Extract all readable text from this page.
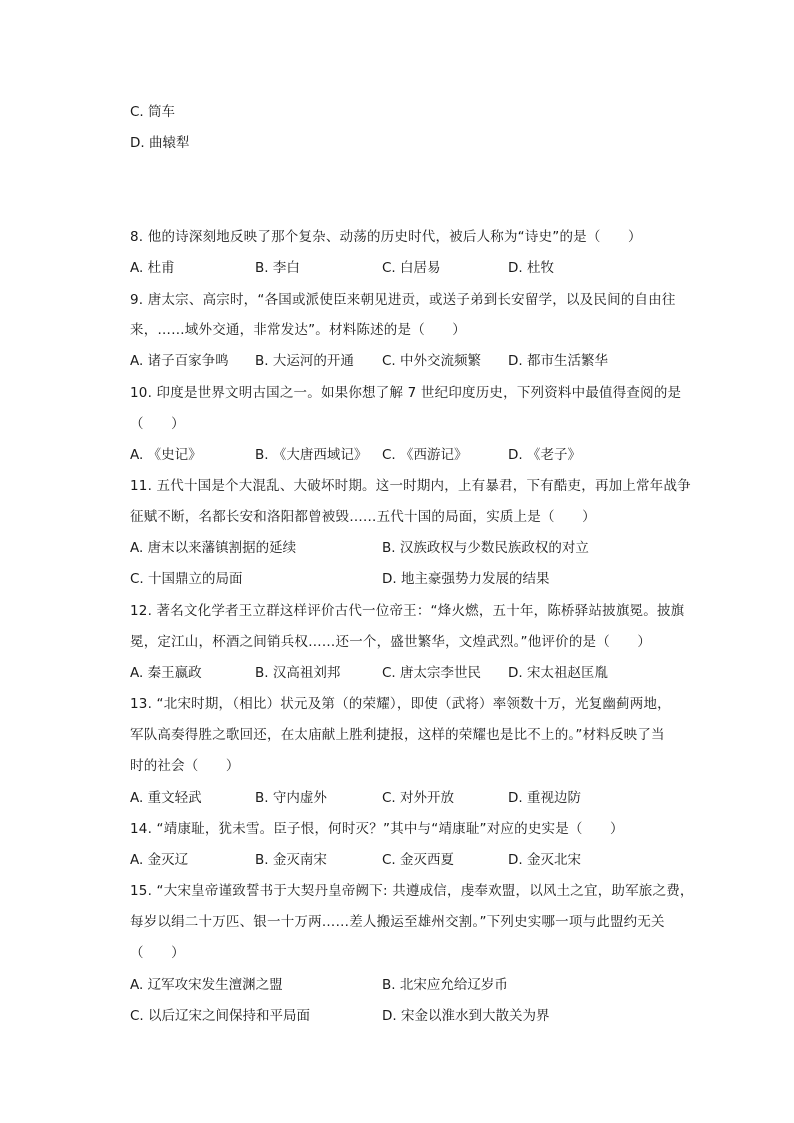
C. 筒车
D. 曲辕犁
8. 他的诗深刻地反映了那个复杂、动荡的历史时代，被后人称为“诗史”的是（　　）
A. 杜甫	B. 李白	C. 白居易	D. 杜牧
9. 唐太宗、高宗时，“各国或派使臣来朝见进贡，或送子弟到长安留学，以及民间的自由往
来，……域外交通，非常发达”。材料陈述的是（　　）
A. 诸子百家争鸣 B. 大运河的开通 C. 中外交流频繁 D. 都市生活繁华
10. 印度是世界文明古国之一。如果你想了解 7 世纪印度历史，下列资料中最值得查阅的是
（　　）
A. 《史记》	B. 《大唐西域记》 C. 《西游记》	D. 《老子》
11. 五代十国是个大混乱、大破坏时期。这一时期内，上有暴君，下有酷吏，再加上常年战争
征赋不断，名都长安和洛阳都曾被毁……五代十国的局面，实质上是（　　）
A. 唐末以来藩镇割据的延续	B. 汉族政权与少数民族政权的对立
C. 十国鼎立的局面	D. 地主豪强势力发展的结果
12. 著名文化学者王立群这样评价古代一位帝王：“烽火燃，五十年，陈桥驿站披旗冕。披旗
冕，定江山，杯酒之间销兵权……还一个，盛世繁华，文煌武烈。”他评价的是（　　）
A. 秦王嬴政	B. 汉高祖刘邦	C. 唐太宗李世民 D. 宋太祖赵匡胤
13. “北宋时期，（相比）状元及第（的荣耀），即使（武将）率领数十万，光复幽蓟两地，
军队高奏得胜之歌回还，在太庙献上胜利捷报，这样的荣耀也是比不上的。”材料反映了当
时的社会（　　）
A. 重文轻武	B. 守内虚外	C. 对外开放	D. 重视边防
14. “靖康耻，犹未雪。臣子恨，何时灭？”其中与“靖康耻”对应的史实是（　　）
A. 金灭辽	B. 金灭南宋	C. 金灭西夏	D. 金灭北宋
15. “大宋皇帝谨致誓书于大契丹皇帝阙下: 共遵成信，虔奉欢盟，以风土之宜，助军旅之费，
每岁以绢二十万匹、银一十万两……差人搬运至雄州交割。”下列史实哪一项与此盟约无关
（　　）
A. 辽军攻宋发生澶渊之盟	B. 北宋应允给辽岁币
C. 以后辽宋之间保持和平局面	D. 宋金以淮水到大散关为界
